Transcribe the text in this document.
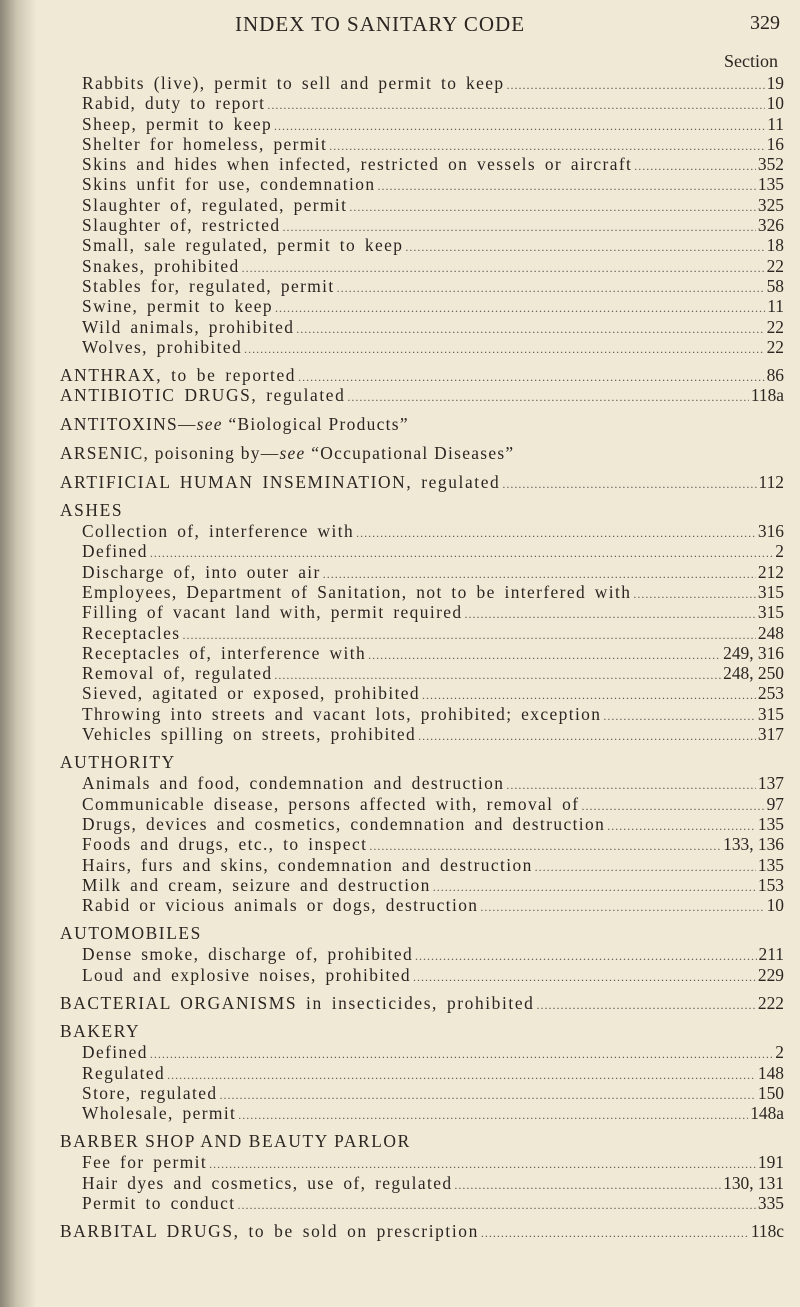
INDEX TO SANITARY CODE	329
Section
Rabbits (live), permit to sell and permit to keep .....	19
Rabid, duty to report .....	10
Sheep, permit to keep .....	11
Shelter for homeless, permit .....	16
Skins and hides when infected, restricted on vessels or aircraft .....	352
Skins unfit for use, condemnation .....	135
Slaughter of, regulated, permit .....	325
Slaughter of, restricted .....	326
Small, sale regulated, permit to keep .....	18
Snakes, prohibited .....	22
Stables for, regulated, permit .....	58
Swine, permit to keep .....	11
Wild animals, prohibited .....	22
Wolves, prohibited .....	22
ANTHRAX, to be reported .....	86
ANTIBIOTIC DRUGS, regulated .....	118a
ANTITOXINS—see “Biological Products”
ARSENIC, poisoning by—see “Occupational Diseases”
ARTIFICIAL HUMAN INSEMINATION, regulated .....	112
ASHES
Collection of, interference with .....	316
Defined .....	2
Discharge of, into outer air .....	212
Employees, Department of Sanitation, not to be interfered with .....	315
Filling of vacant land with, permit required .....	315
Receptacles .....	248
Receptacles of, interference with .....	249, 316
Removal of, regulated .....	248, 250
Sieved, agitated or exposed, prohibited .....	253
Throwing into streets and vacant lots, prohibited; exception .....	315
Vehicles spilling on streets, prohibited .....	317
AUTHORITY
Animals and food, condemnation and destruction .....	137
Communicable disease, persons affected with, removal of .....	97
Drugs, devices and cosmetics, condemnation and destruction .....	135
Foods and drugs, etc., to inspect .....	133, 136
Hairs, furs and skins, condemnation and destruction .....	135
Milk and cream, seizure and destruction .....	153
Rabid or vicious animals or dogs, destruction .....	10
AUTOMOBILES
Dense smoke, discharge of, prohibited .....	211
Loud and explosive noises, prohibited .....	229
BACTERIAL ORGANISMS in insecticides, prohibited .....	222
BAKERY
Defined .....	2
Regulated .....	148
Store, regulated .....	150
Wholesale, permit .....	148a
BARBER SHOP AND BEAUTY PARLOR
Fee for permit .....	191
Hair dyes and cosmetics, use of, regulated .....	130, 131
Permit to conduct .....	335
BARBITAL DRUGS, to be sold on prescription .....	118c
